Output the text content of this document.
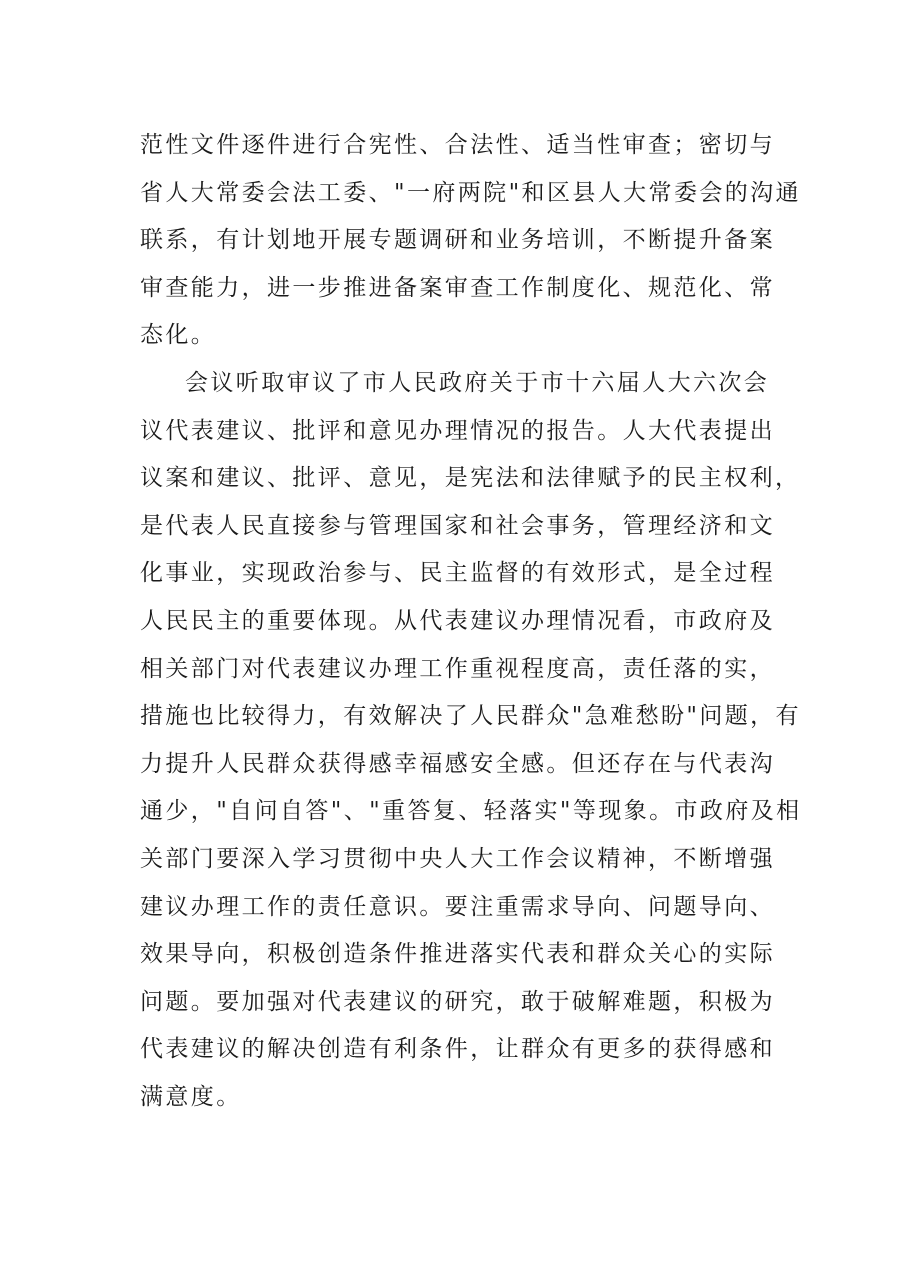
范性文件逐件进行合宪性、合法性、适当性审查；密切与
省人大常委会法工委、"一府两院"和区县人大常委会的沟通
联系，有计划地开展专题调研和业务培训，不断提升备案
审查能力，进一步推进备案审查工作制度化、规范化、常
态化。
会议听取审议了市人民政府关于市十六届人大六次会
议代表建议、批评和意见办理情况的报告。人大代表提出
议案和建议、批评、意见，是宪法和法律赋予的民主权利，
是代表人民直接参与管理国家和社会事务，管理经济和文
化事业，实现政治参与、民主监督的有效形式，是全过程
人民民主的重要体现。从代表建议办理情况看，市政府及
相关部门对代表建议办理工作重视程度高，责任落的实，
措施也比较得力，有效解决了人民群众"急难愁盼"问题，有
力提升人民群众获得感幸福感安全感。但还存在与代表沟
通少，"自问自答"、"重答复、轻落实"等现象。市政府及相
关部门要深入学习贯彻中央人大工作会议精神，不断增强
建议办理工作的责任意识。要注重需求导向、问题导向、
效果导向，积极创造条件推进落实代表和群众关心的实际
问题。要加强对代表建议的研究，敢于破解难题，积极为
代表建议的解决创造有利条件，让群众有更多的获得感和
满意度。
